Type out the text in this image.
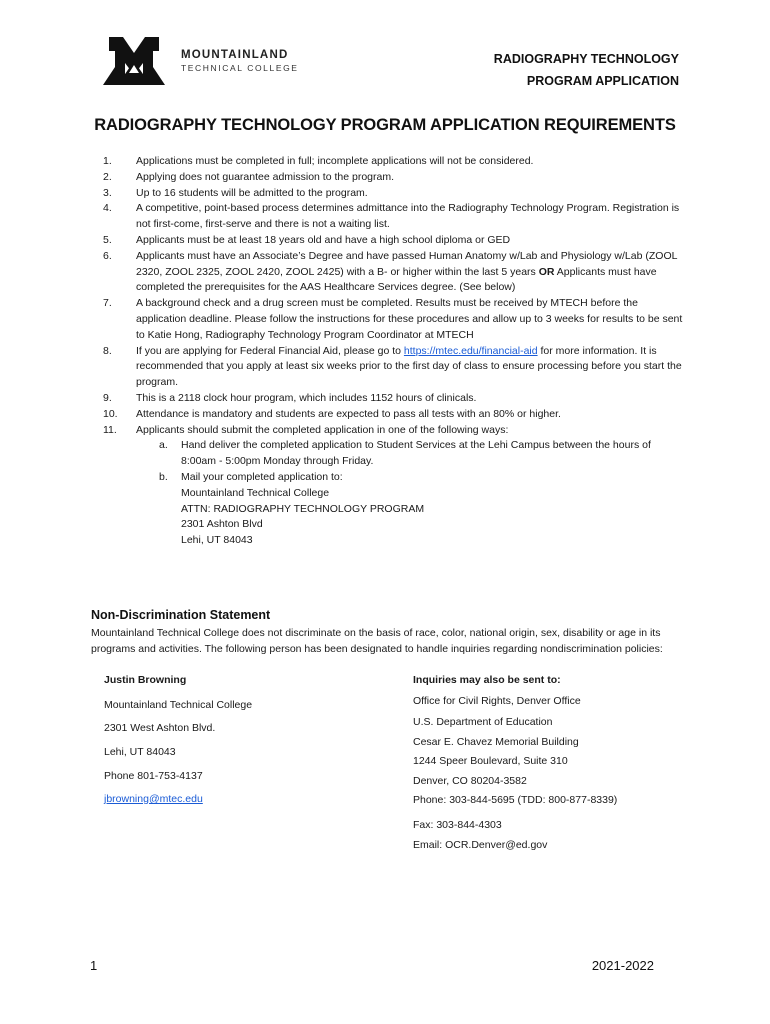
MOUNTAINLAND
TECHNICAL COLLEGE
RADIOGRAPHY TECHNOLOGY
PROGRAM APPLICATION
RADIOGRAPHY TECHNOLOGY PROGRAM APPLICATION REQUIREMENTS
1.	Applications must be completed in full; incomplete applications will not be considered.
2.	Applying does not guarantee admission to the program.
3.	Up to 16 students will be admitted to the program.
4.	A competitive, point-based process determines admittance into the Radiography Technology Program. Registration is not first-come, first-serve and there is not a waiting list.
5.	Applicants must be at least 18 years old and have a high school diploma or GED
6.	Applicants must have an Associate’s Degree and have passed Human Anatomy w/Lab and Physiology w/Lab (ZOOL 2320, ZOOL 2325, ZOOL 2420, ZOOL 2425) with a B- or higher within the last 5 years OR Applicants must have completed the prerequisites for the AAS Healthcare Services degree. (See below)
7.	A background check and a drug screen must be completed. Results must be received by MTECH before the application deadline. Please follow the instructions for these procedures and allow up to 3 weeks for results to be sent to Katie Hong, Radiography Technology Program Coordinator at MTECH
8.	If you are applying for Federal Financial Aid, please go to https://mtec.edu/financial-aid for more information. It is recommended that you apply at least six weeks prior to the first day of class to ensure processing before you start the program.
9.	This is a 2118 clock hour program, which includes 1152 hours of clinicals.
10.	Attendance is mandatory and students are expected to pass all tests with an 80% or higher.
11.	Applicants should submit the completed application in one of the following ways:
a.	Hand deliver the completed application to Student Services at the Lehi Campus between the hours of 8:00am - 5:00pm Monday through Friday.
b.	Mail your completed application to:
Mountainland Technical College
ATTN: RADIOGRAPHY TECHNOLOGY PROGRAM
2301 Ashton Blvd
Lehi, UT 84043
Non-Discrimination Statement
Mountainland Technical College does not discriminate on the basis of race, color, national origin, sex, disability or age in its programs and activities. The following person has been designated to handle inquiries regarding nondiscrimination policies:
Justin Browning
Mountainland Technical College
2301 West Ashton Blvd.
Lehi, UT 84043
Phone 801-753-4137
jbrowning@mtec.edu
Inquiries may also be sent to:
Office for Civil Rights, Denver Office
U.S. Department of Education
Cesar E. Chavez Memorial Building
1244 Speer Boulevard, Suite 310
Denver, CO 80204-3582
Phone: 303-844-5695 (TDD: 800-877-8339)
Fax: 303-844-4303
Email: OCR.Denver@ed.gov
1	2021-2022
